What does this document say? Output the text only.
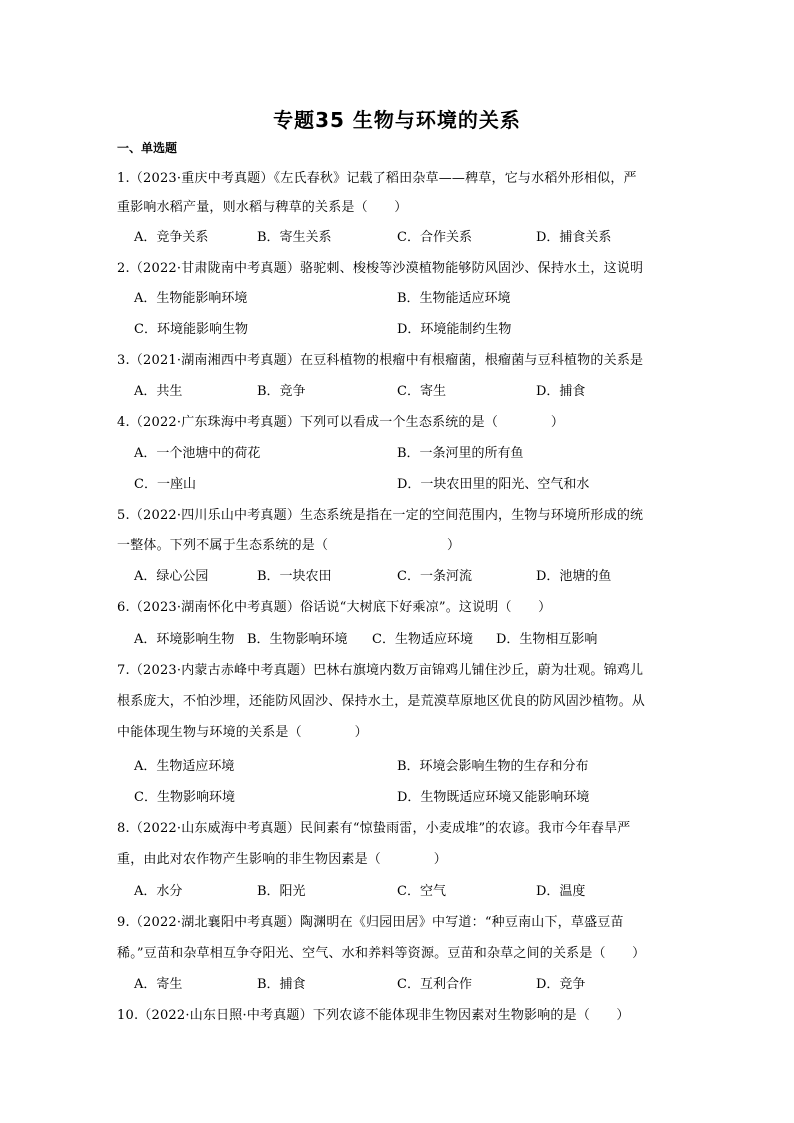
专题35 生物与环境的关系
一、单选题
1.（2023·重庆中考真题）《左氏春秋》记载了稻田杂草——稗草，它与水稻外形相似，严
重影响水稻产量，则水稻与稗草的关系是（　　）
A．竞争关系	B．寄生关系	C．合作关系	D．捕食关系
2.（2022·甘肃陇南中考真题）骆驼刺、梭梭等沙漠植物能够防风固沙、保持水土，这说明
A．生物能影响环境	B．生物能适应环境
C．环境能影响生物	D．环境能制约生物
3.（2021·湖南湘西中考真题）在豆科植物的根瘤中有根瘤菌，根瘤菌与豆科植物的关系是
A．共生	B．竞争	C．寄生	D．捕食
4.（2022·广东珠海中考真题）下列可以看成一个生态系统的是（　　　　）
A．一个池塘中的荷花	B．一条河里的所有鱼
C．一座山	D．一块农田里的阳光、空气和水
5.（2022·四川乐山中考真题）生态系统是指在一定的空间范围内，生物与环境所形成的统
一整体。下列不属于生态系统的是（　　　　　　　　　）
A．绿心公园	B．一块农田	C．一条河流	D．池塘的鱼
6.（2023·湖南怀化中考真题）俗话说“大树底下好乘凉”。这说明（　　）
A．环境影响生物 B．生物影响环境 C．生物适应环境 D．生物相互影响
7.（2023·内蒙古赤峰中考真题）巴林右旗境内数万亩锦鸡儿铺住沙丘，蔚为壮观。锦鸡儿
根系庞大，不怕沙埋，还能防风固沙、保持水土，是荒漠草原地区优良的防风固沙植物。从
中能体现生物与环境的关系是（　　　　）
A．生物适应环境	B．环境会影响生物的生存和分布
C．生物影响环境	D．生物既适应环境又能影响环境
8.（2022·山东威海中考真题）民间素有“惊蛰雨雷，小麦成堆”的农谚。我市今年春旱严
重，由此对农作物产生影响的非生物因素是（　　　　）
A．水分	B．阳光	C．空气	D．温度
9.（2022·湖北襄阳中考真题）陶渊明在《归园田居》中写道：“种豆南山下，草盛豆苗
稀。”豆苗和杂草相互争夺阳光、空气、水和养料等资源。豆苗和杂草之间的关系是（　　）
A．寄生	B．捕食	C．互利合作	D．竞争
10.（2022·山东日照·中考真题）下列农谚不能体现非生物因素对生物影响的是（　　）
